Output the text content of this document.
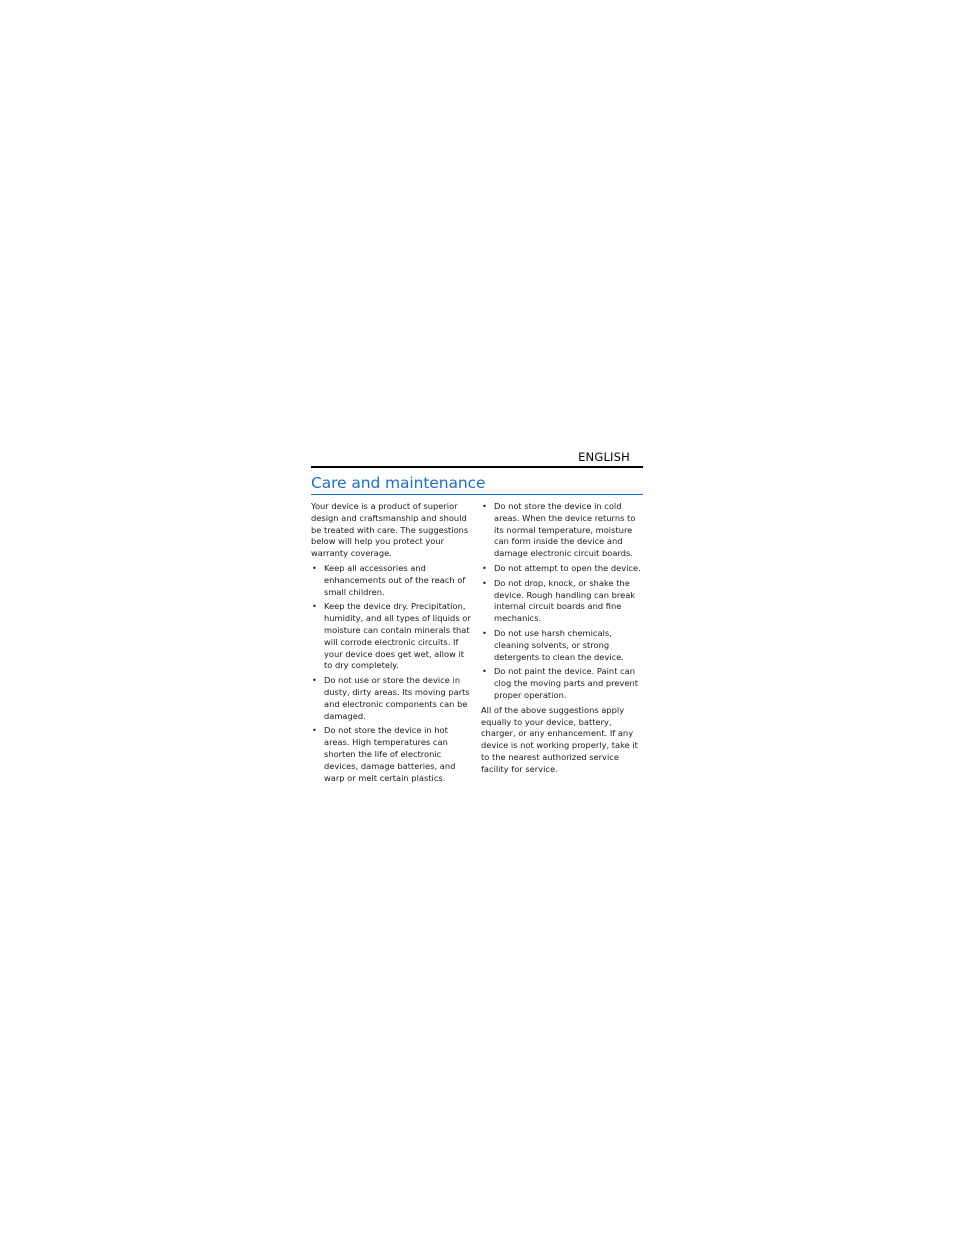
ENGLISH
Care and maintenance

Your device is a product of superior design and craftsmanship and should be treated with care. The suggestions below will help you protect your warranty coverage.

• Keep all accessories and enhancements out of the reach of small children.
• Keep the device dry. Precipitation, humidity, and all types of liquids or moisture can contain minerals that will corrode electronic circuits. If your device does get wet, allow it to dry completely.
• Do not use or store the device in dusty, dirty areas. Its moving parts and electronic components can be damaged.
• Do not store the device in hot areas. High temperatures can shorten the life of electronic devices, damage batteries, and warp or melt certain plastics.
• Do not store the device in cold areas. When the device returns to its normal temperature, moisture can form inside the device and damage electronic circuit boards.
• Do not attempt to open the device.
• Do not drop, knock, or shake the device. Rough handling can break internal circuit boards and fine mechanics.
• Do not use harsh chemicals, cleaning solvents, or strong detergents to clean the device.
• Do not paint the device. Paint can clog the moving parts and prevent proper operation.

All of the above suggestions apply equally to your device, battery, charger, or any enhancement. If any device is not working properly, take it to the nearest authorized service facility for service.
